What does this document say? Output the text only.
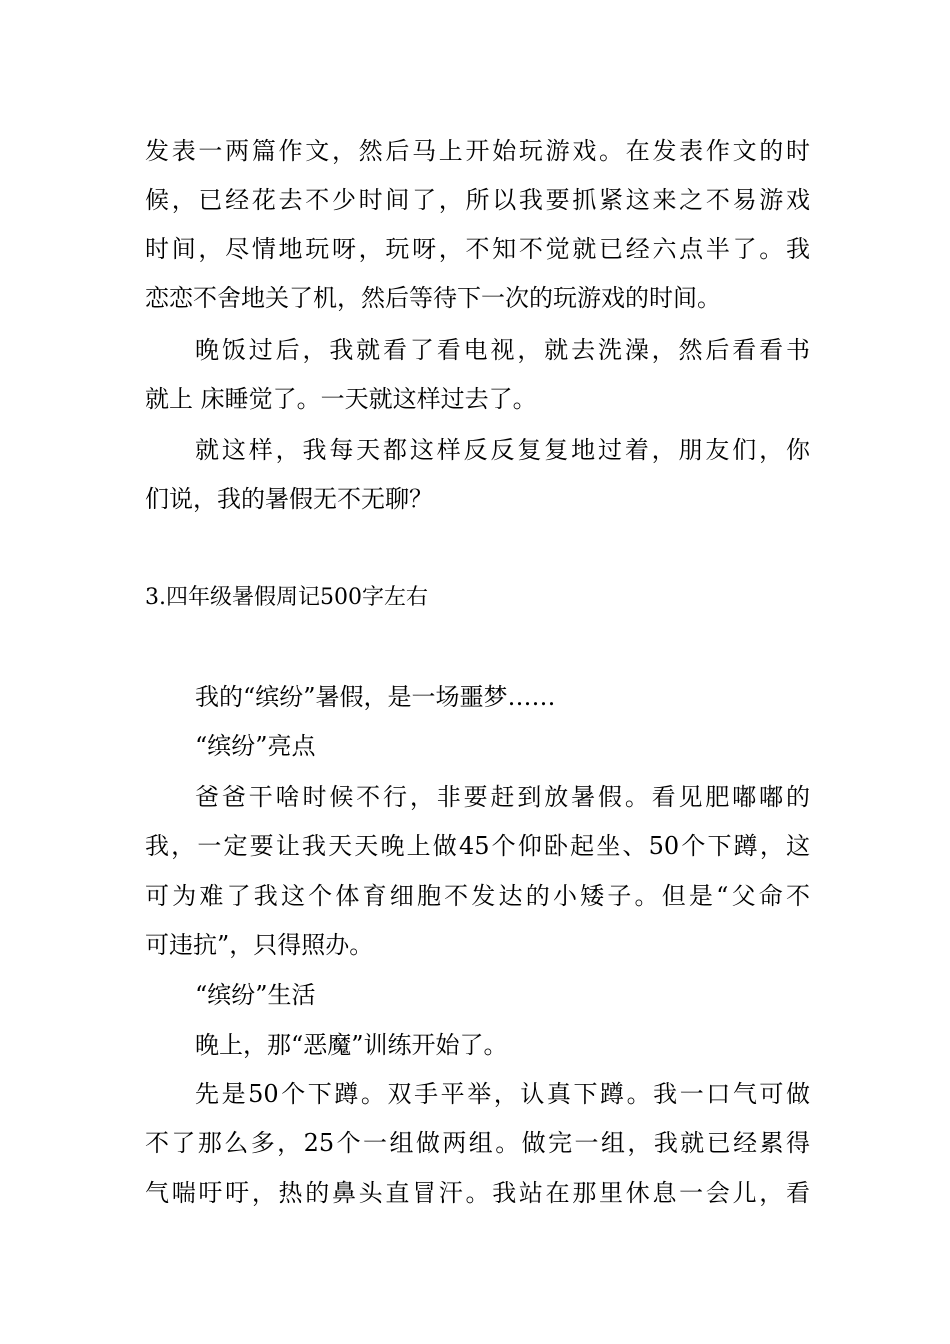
发表一两篇作文，然后马上开始玩游戏。在发表作文的时
候，已经花去不少时间了，所以我要抓紧这来之不易游戏
时间，尽情地玩呀，玩呀，不知不觉就已经六点半了。我
恋恋不舍地关了机，然后等待下一次的玩游戏的时间。
晚饭过后，我就看了看电视，就去洗澡，然后看看书
就上 床睡觉了。一天就这样过去了。
就这样，我每天都这样反反复复地过着，朋友们，你
们说，我的暑假无不无聊？
3.四年级暑假周记500字左右
我的“缤纷”暑假，是一场噩梦……
“缤纷”亮点
爸爸干啥时候不行，非要赶到放暑假。看见肥嘟嘟的
我，一定要让我天天晚上做45个仰卧起坐、50个下蹲，这
可为难了我这个体育细胞不发达的小矮子。但是“父命不
可违抗”，只得照办。
“缤纷”生活
晚上，那“恶魔”训练开始了。
先是50个下蹲。双手平举，认真下蹲。我一口气可做
不了那么多，25个一组做两组。做完一组，我就已经累得
气喘吁吁，热的鼻头直冒汗。我站在那里休息一会儿，看
